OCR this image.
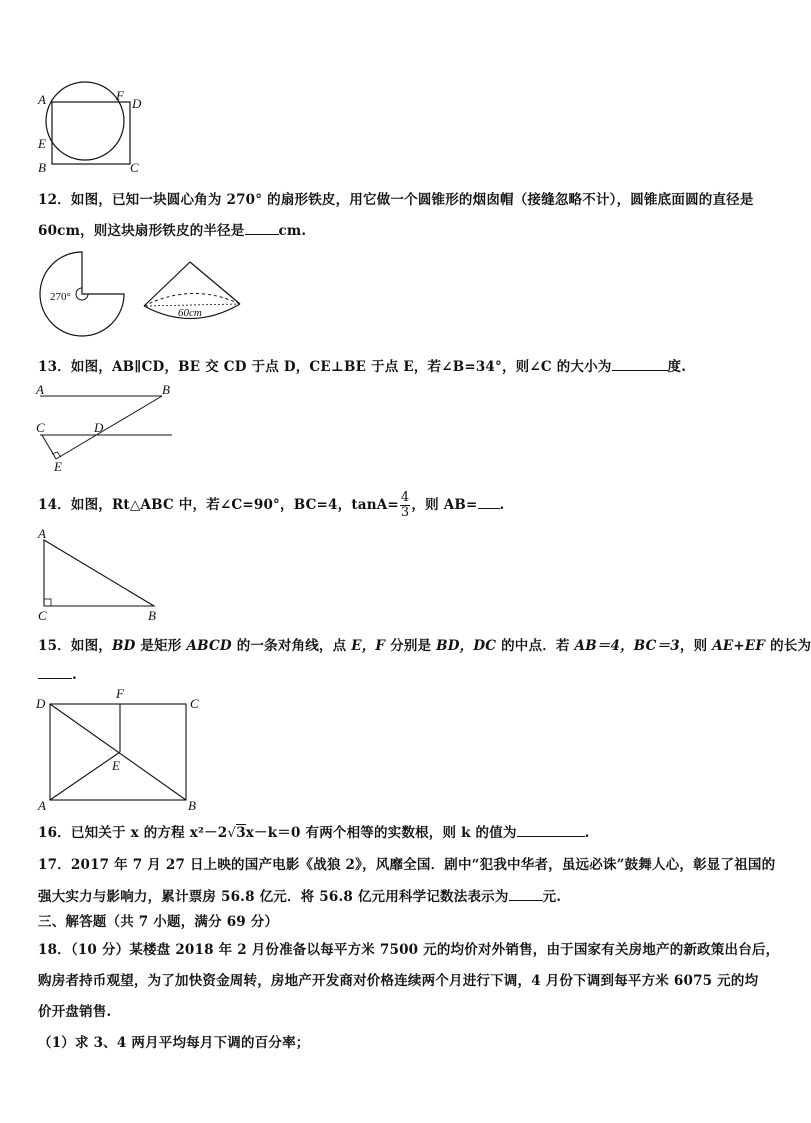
A	F
D
E
B	C
12．如图，已知一块圆心角为 270° 的扇形铁皮，用它做一个圆锥形的烟囱帽（接缝忽略不计），圆锥底面圆的直径是
60cm，则这块扇形铁皮的半径是	cm.
270°
60cm
13．如图，AB∥CD，BE 交 CD 于点 D，CE⊥BE 于点 E，若∠B=34°，则∠C 的大小为	度.
A	B
C	D
E
14．如图，Rt△ABC 中，若∠C=90°，BC=4，$\tan A= \frac{4}{3}$ ，则 AB= .
A
C	B
15．如图，BD 是矩形 ABCD 的一条对角线，点 E，F 分别是 BD，DC 的中点．若 AB＝4，BC＝3，则 AE+EF 的长为
.
D
F
C
E
A	B
16．已知关于 x 的方程 x²－2√3x－k＝0 有两个相等的实数根，则 k 的值为	.
17．2017 年 7 月 27 日上映的国产电影《战狼 2》，风靡全国．剧中“犯我中华者，虽远必诛”鼓舞人心，彰显了祖国的
强大实力与影响力，累计票房 56.8 亿元．将 56.8 亿元用科学记数法表示为	元.
三、解答题（共 7 小题，满分 69 分）
18．（10 分）某楼盘 2018 年 2 月份准备以每平方米 7500 元的均价对外销售，由于国家有关房地产的新政策出台后，
购房者持币观望，为了加快资金周转，房地产开发商对价格连续两个月进行下调，4 月份下调到每平方米 6075 元的均
价开盘销售.
（1）求 3、4 两月平均每月下调的百分率；
